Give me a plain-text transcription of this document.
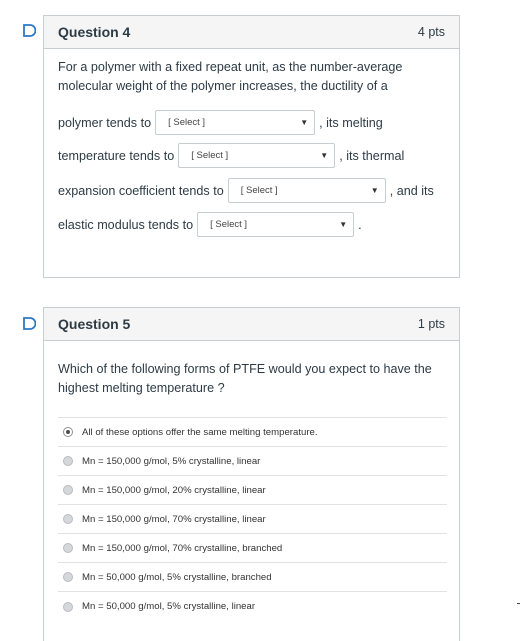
Question 4	4 pts
For a polymer with a fixed repeat unit, as the number-average molecular weight of the polymer increases, the ductility of a
polymer tends to [ Select ]	▼ , its melting
temperature tends to [ Select ]	▼ , its thermal
expansion coefficient tends to [ Select ]	▼ , and its
elastic modulus tends to [ Select ]	▼ .
Question 5	1 pts
Which of the following forms of PTFE would you expect to have the highest melting temperature ?
All of these options offer the same melting temperature.
Mn = 150,000 g/mol, 5% crystalline, linear
Mn = 150,000 g/mol, 20% crystalline, linear
Mn = 150,000 g/mol, 70% crystalline, linear
Mn = 150,000 g/mol, 70% crystalline, branched
Mn = 50,000 g/mol, 5% crystalline, branched
Mn = 50,000 g/mol, 5% crystalline, linear
